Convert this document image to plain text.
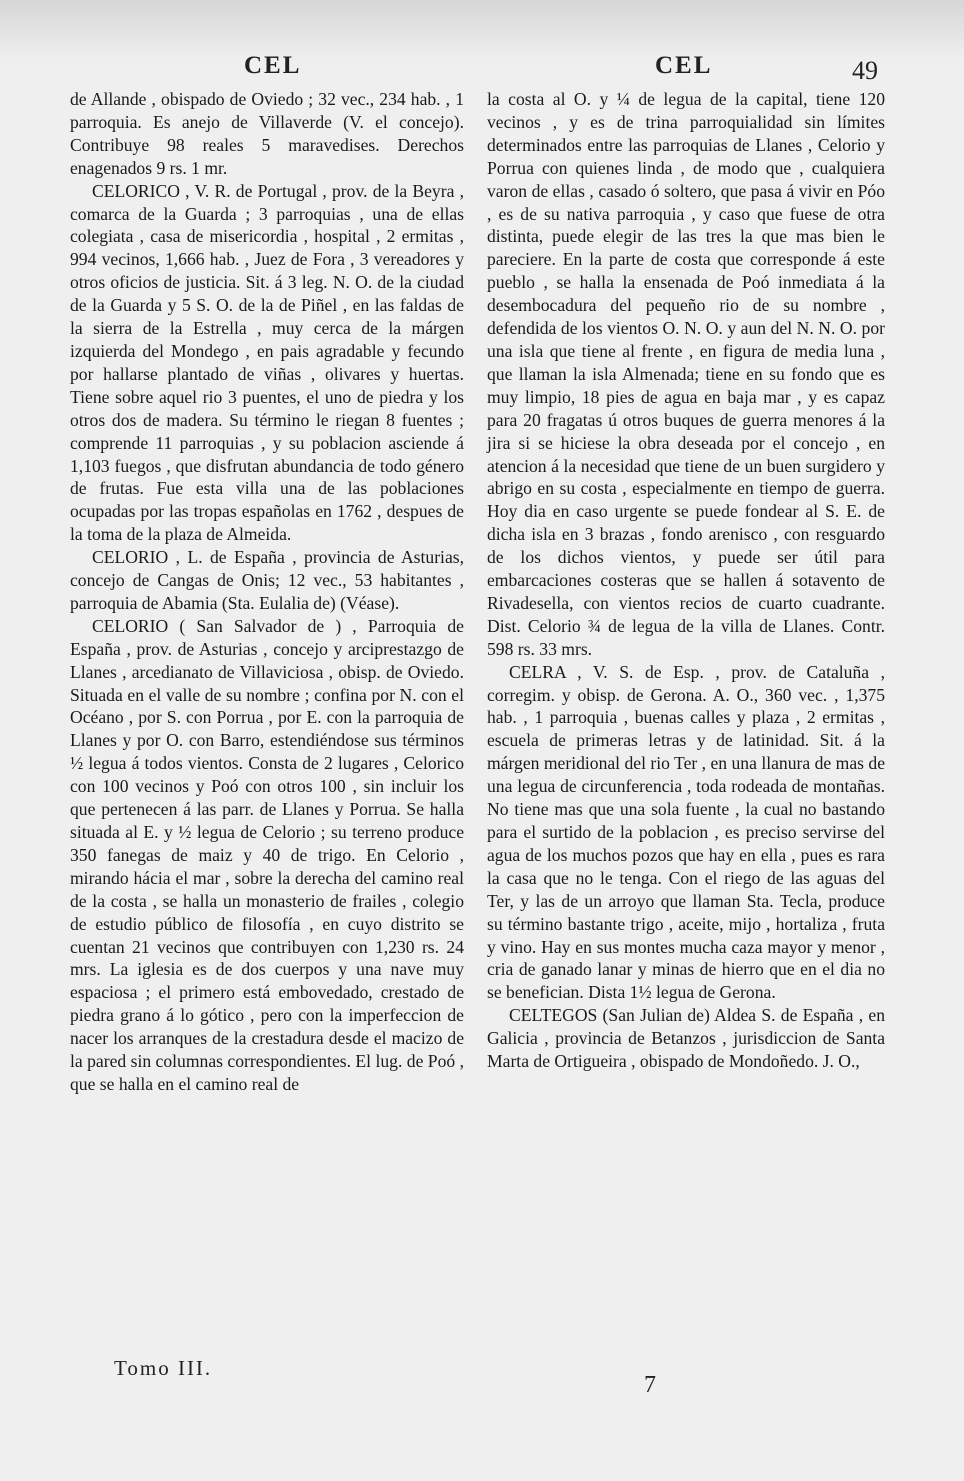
CEL	CEL	49

de Allande , obispado de Oviedo ; 32 vec., 234 hab. , 1 parroquia. Es anejo de Villaverde (V. el concejo). Contribuye 98 reales 5 maravedises. Derechos enagenados 9 rs. 1 mr.

CELORICO , V. R. de Portugal , prov. de la Beyra , comarca de la Guarda ; 3 parroquias , una de ellas colegiata , casa de misericordia , hospital , 2 ermitas , 994 vecinos, 1,666 hab. , Juez de Fora , 3 vereadores y otros oficios de justicia. Sit. á 3 leg. N. O. de la ciudad de la Guarda y 5 S. O. de la de Piñel , en las faldas de la sierra de la Estrella , muy cerca de la márgen izquierda del Mondego , en pais agradable y fecundo por hallarse plantado de viñas , olivares y huertas. Tiene sobre aquel rio 3 puentes, el uno de piedra y los otros dos de madera. Su término le riegan 8 fuentes ; comprende 11 parroquias , y su poblacion asciende á 1,103 fuegos , que disfrutan abundancia de todo género de frutas. Fue esta villa una de las poblaciones ocupadas por las tropas españolas en 1762 , despues de la toma de la plaza de Almeida.

CELORIO , L. de España , provincia de Asturias, concejo de Cangas de Onis; 12 vec., 53 habitantes , parroquia de Abamia (Sta. Eulalia de) (Véase).

CELORIO ( San Salvador de ) , Parroquia de España , prov. de Asturias , concejo y arciprestazgo de Llanes , arcedianato de Villaviciosa , obisp. de Oviedo. Situada en el valle de su nombre ; confina por N. con el Océano , por S. con Porrua , por E. con la parroquia de Llanes y por O. con Barro, estendiéndose sus términos ½ legua á todos vientos. Consta de 2 lugares , Celorico con 100 vecinos y Poó con otros 100 , sin incluir los que pertenecen á las parr. de Llanes y Porrua. Se halla situada al E. y ½ legua de Celorio ; su terreno produce 350 fanegas de maiz y 40 de trigo. En Celorio , mirando hácia el mar , sobre la derecha del camino real de la costa , se halla un monasterio de frailes , colegio de estudio público de filosofía , en cuyo distrito se cuentan 21 vecinos que contribuyen con 1,230 rs. 24 mrs. La iglesia es de dos cuerpos y una nave muy espaciosa ; el primero está embovedado, crestado de piedra grano á lo gótico , pero con la imperfeccion de nacer los arranques de la crestadura desde el macizo de la pared sin columnas correspondientes. El lug. de Poó , que se halla en el camino real de

la costa al O. y ¼ de legua de la capital, tiene 120 vecinos , y es de trina parroquialidad sin límites determinados entre las parroquias de Llanes , Celorio y Porrua con quienes linda , de modo que , cualquiera varon de ellas , casado ó soltero, que pasa á vivir en Póo , es de su nativa parroquia , y caso que fuese de otra distinta, puede elegir de las tres la que mas bien le pareciere. En la parte de costa que corresponde á este pueblo , se halla la ensenada de Poó inmediata á la desembocadura del pequeño rio de su nombre , defendida de los vientos O. N. O. y aun del N. N. O. por una isla que tiene al frente , en figura de media luna , que llaman la isla Almenada; tiene en su fondo que es muy limpio, 18 pies de agua en baja mar , y es capaz para 20 fragatas ú otros buques de guerra menores á la jira si se hiciese la obra deseada por el concejo , en atencion á la necesidad que tiene de un buen surgidero y abrigo en su costa , especialmente en tiempo de guerra. Hoy dia en caso urgente se puede fondear al S. E. de dicha isla en 3 brazas , fondo arenisco , con resguardo de los dichos vientos, y puede ser útil para embarcaciones costeras que se hallen á sotavento de Rivadesella, con vientos recios de cuarto cuadrante. Dist. Celorio ¾ de legua de la villa de Llanes. Contr. 598 rs. 33 mrs.

CELRA , V. S. de Esp. , prov. de Cataluña , corregim. y obisp. de Gerona. A. O., 360 vec. , 1,375 hab. , 1 parroquia , buenas calles y plaza , 2 ermitas , escuela de primeras letras y de latinidad. Sit. á la márgen meridional del rio Ter , en una llanura de mas de una legua de circunferencia , toda rodeada de montañas. No tiene mas que una sola fuente , la cual no bastando para el surtido de la poblacion , es preciso servirse del agua de los muchos pozos que hay en ella , pues es rara la casa que no le tenga. Con el riego de las aguas del Ter, y las de un arroyo que llaman Sta. Tecla, produce su término bastante trigo , aceite, mijo , hortaliza , fruta y vino. Hay en sus montes mucha caza mayor y menor , cria de ganado lanar y minas de hierro que en el dia no se benefician. Dista 1½ legua de Gerona.

CELTEGOS (San Julian de) Aldea S. de España , en Galicia , provincia de Betanzos , jurisdiccion de Santa Marta de Ortigueira , obispado de Mondoñedo. J. O.,

Tomo III.
7
